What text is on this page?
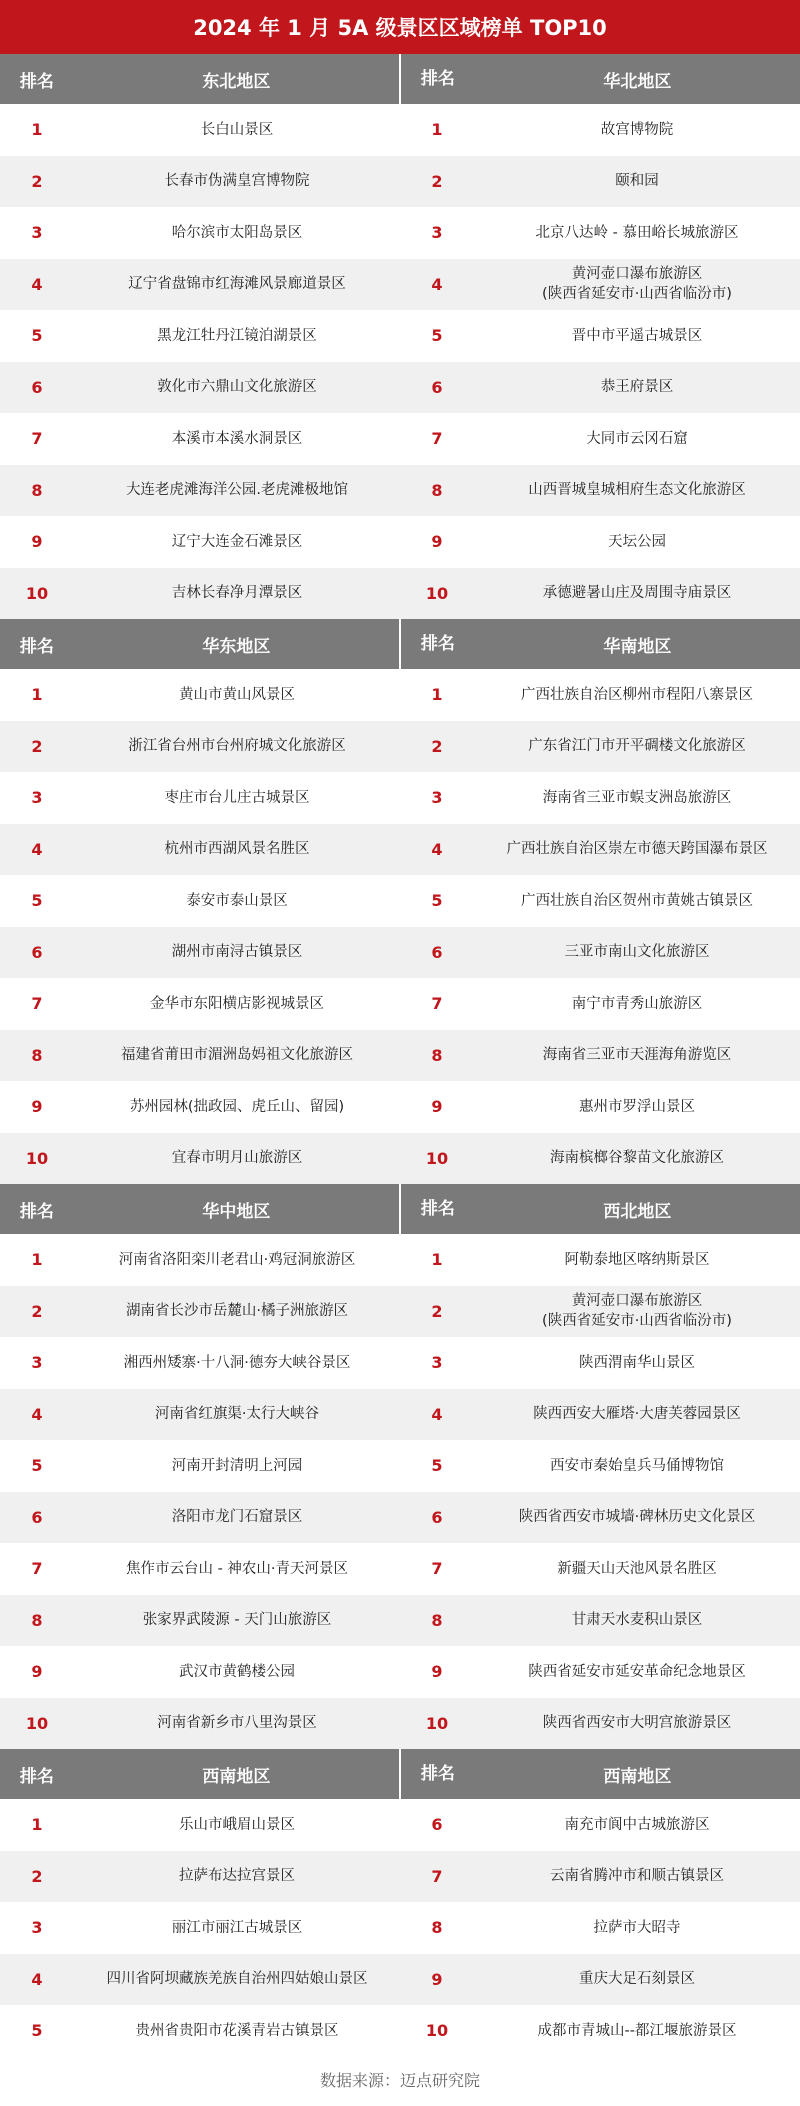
2024 年 1 月 5A 级景区区域榜单 TOP10
排名	东北地区	排名	华北地区
1	长白山景区	1	故宫博物院
2	长春市伪满皇宫博物院	2	颐和园
3	哈尔滨市太阳岛景区	3	北京八达岭 - 慕田峪长城旅游区
4	辽宁省盘锦市红海滩风景廊道景区	4
黄河壶口瀑布旅游区
(陕西省延安市·山西省临汾市)
5	黑龙江牡丹江镜泊湖景区	5	晋中市平遥古城景区
6	敦化市六鼎山文化旅游区	6	恭王府景区
7	本溪市本溪水洞景区	7	大同市云冈石窟
8	大连老虎滩海洋公园.老虎滩极地馆	8	山西晋城皇城相府生态文化旅游区
9	辽宁大连金石滩景区	9	天坛公园
10	吉林长春净月潭景区	10	承德避暑山庄及周围寺庙景区
排名	华东地区	排名	华南地区
1	黄山市黄山风景区	1	广西壮族自治区柳州市程阳八寨景区
2	浙江省台州市台州府城文化旅游区	2	广东省江门市开平碉楼文化旅游区
3	枣庄市台儿庄古城景区	3	海南省三亚市蜈支洲岛旅游区
4	杭州市西湖风景名胜区	4	广西壮族自治区崇左市德天跨国瀑布景区
5	泰安市泰山景区	5	广西壮族自治区贺州市黄姚古镇景区
6	湖州市南浔古镇景区	6	三亚市南山文化旅游区
7	金华市东阳横店影视城景区	7	南宁市青秀山旅游区
8	福建省莆田市湄洲岛妈祖文化旅游区	8	海南省三亚市天涯海角游览区
9	苏州园林(拙政园、虎丘山、留园)	9	惠州市罗浮山景区
10	宜春市明月山旅游区	10	海南槟榔谷黎苗文化旅游区
排名	华中地区	排名	西北地区
1	河南省洛阳栾川老君山·鸡冠洞旅游区	1	阿勒泰地区喀纳斯景区
2	湖南省长沙市岳麓山·橘子洲旅游区	2
黄河壶口瀑布旅游区
(陕西省延安市·山西省临汾市)
3	湘西州矮寨·十八洞·德夯大峡谷景区	3	陕西渭南华山景区
4	河南省红旗渠·太行大峡谷	4	陕西西安大雁塔·大唐芙蓉园景区
5	河南开封清明上河园	5	西安市秦始皇兵马俑博物馆
6	洛阳市龙门石窟景区	6	陕西省西安市城墙·碑林历史文化景区
7	焦作市云台山 - 神农山·青天河景区	7	新疆天山天池风景名胜区
8	张家界武陵源 - 天门山旅游区	8	甘肃天水麦积山景区
9	武汉市黄鹤楼公园	9	陕西省延安市延安革命纪念地景区
10	河南省新乡市八里沟景区	10	陕西省西安市大明宫旅游景区
排名	西南地区	排名	西南地区
1	乐山市峨眉山景区	6	南充市阆中古城旅游区
2	拉萨布达拉宫景区	7	云南省腾冲市和顺古镇景区
3	丽江市丽江古城景区	8	拉萨市大昭寺
4	四川省阿坝藏族羌族自治州四姑娘山景区	9	重庆大足石刻景区
5	贵州省贵阳市花溪青岩古镇景区	10	成都市青城山--都江堰旅游景区
数据来源：迈点研究院
